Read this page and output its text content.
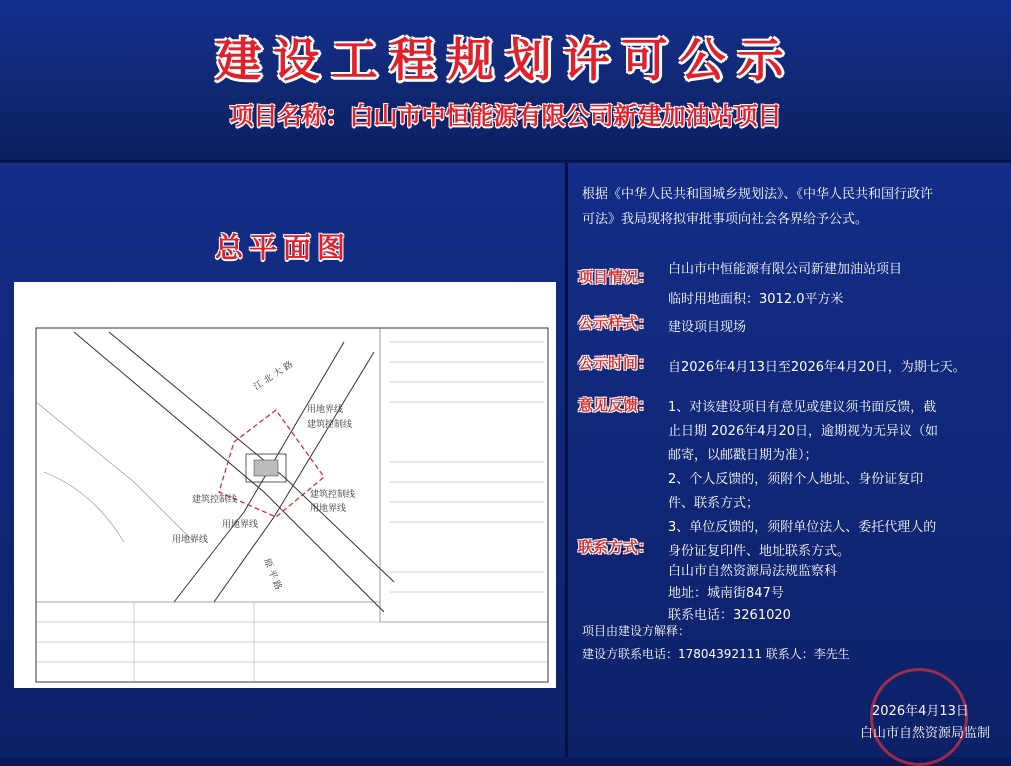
建设工程规划许可公示
项目名称：白山市中恒能源有限公司新建加油站项目
总平面图
江 北 大 路
原 平 路
用地界线
建筑控制线
建筑控制线	建筑控制线
用地界线
用地界线
用地界线
根据《中华人民共和国城乡规划法》、《中华人民共和国行政许
可法》我局现将拟审批事项向社会各界给予公式。
项目情况： 白山市中恒能源有限公司新建加油站项目
临时用地面积：3012.0平方米
公示样式： 建设项目现场
公示时间： 自2026年4月13日至2026年4月20日，为期七天。
意见反馈： 1、对该建设项目有意见或建议须书面反馈，截
止日期 2026年4月20日，逾期视为无异议（如
邮寄，以邮戳日期为准）；
2、个人反馈的，须附个人地址、身份证复印
件、联系方式；
3、单位反馈的，须附单位法人、委托代理人的
身份证复印件、地址联系方式。
联系方式：
白山市自然资源局法规监察科
地址：城南街847号
联系电话：3261020
项目由建设方解释：
建设方联系电话：17804392111 联系人：李先生
2026年4月13日
白山市自然资源局监制
